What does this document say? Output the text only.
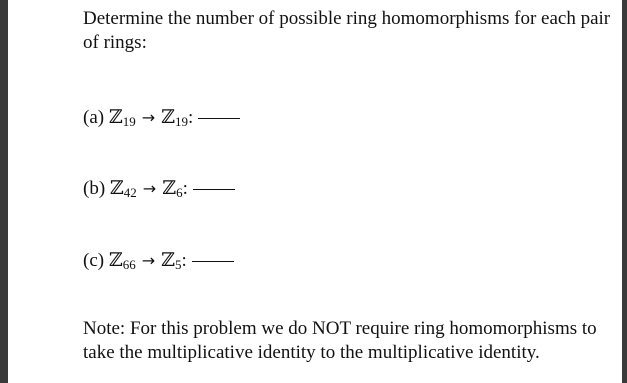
Determine the number of possible ring homomorphisms for each pair of rings:
(a)
ℤ$_{19}$ → ℤ$_{19}$ :
(b)
ℤ$_{42}$ → ℤ$_6$ :
(c)
ℤ$_{66}$ → ℤ$_5$ :
Note: For this problem we do NOT require ring homomorphisms to take the multiplicative identity to the multiplicative identity.
